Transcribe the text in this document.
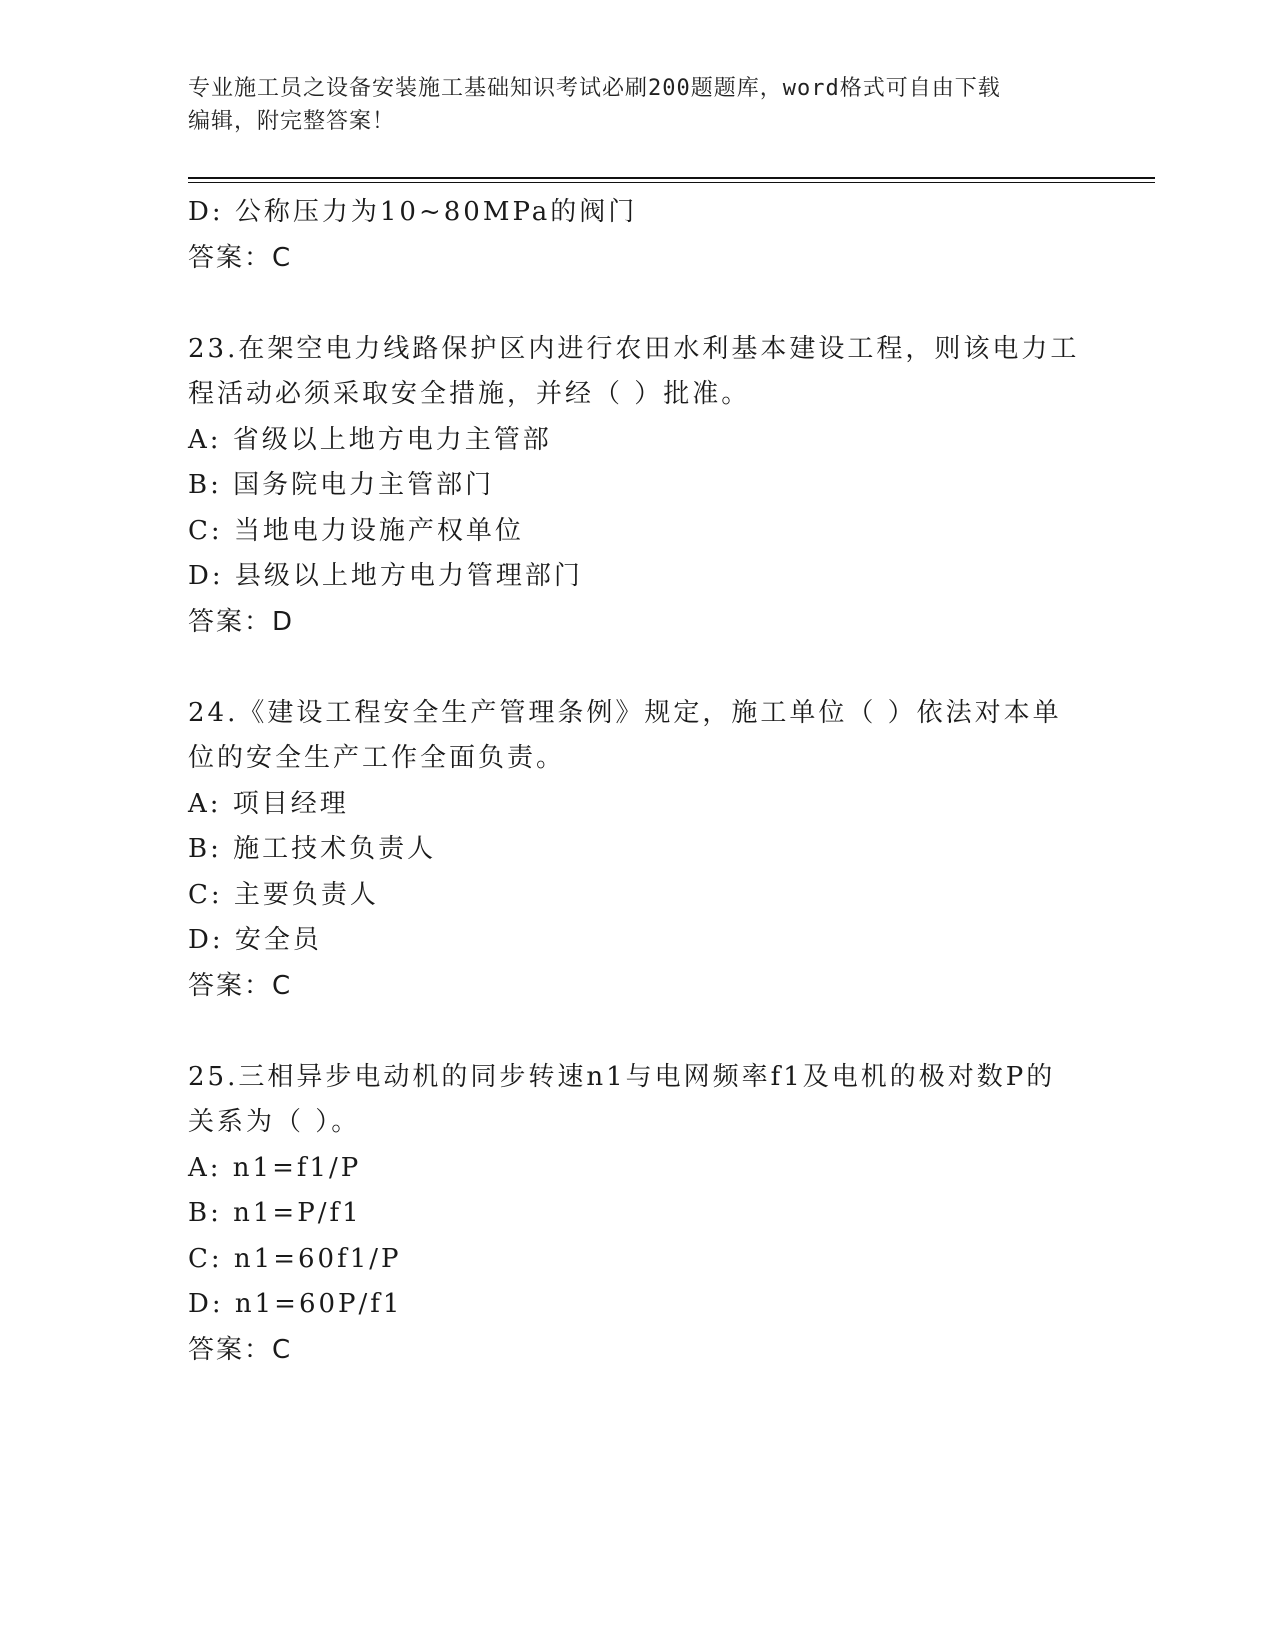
专业施工员之设备安装施工基础知识考试必刷200题题库，word格式可自由下载
编辑，附完整答案！
D: 公称压力为10~80MPa的阀门
答案：C
23.在架空电力线路保护区内进行农田水利基本建设工程，则该电力工
程活动必须采取安全措施，并经（ ）批准。
A: 省级以上地方电力主管部
B: 国务院电力主管部门
C: 当地电力设施产权单位
D: 县级以上地方电力管理部门
答案：D
24.《建设工程安全生产管理条例》规定，施工单位（ ）依法对本单
位的安全生产工作全面负责。
A: 项目经理
B: 施工技术负责人
C: 主要负责人
D: 安全员
答案：C
25.三相异步电动机的同步转速n1与电网频率f1及电机的极对数P的
关系为（ ）。
A: n1=f1/P
B: n1=P/f1
C: n1=60f1/P
D: n1=60P/f1
答案：C
